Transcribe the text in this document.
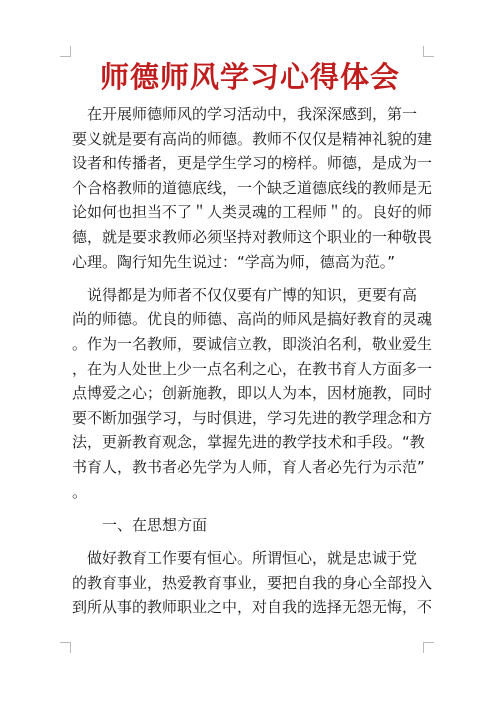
师德师风学习心得体会
　在开展师德师风的学习活动中，我深深感到，第一
要义就是要有高尚的师德。教师不仅仅是精神礼貌的建
设者和传播者，更是学生学习的榜样。师德，是成为一
个合格教师的道德底线，一个缺乏道德底线的教师是无
论如何也担当不了＂人类灵魂的工程师＂的。良好的师
德，就是要求教师必须坚持对教师这个职业的一种敬畏
心理。陶行知先生说过：“学高为师，德高为范。”
　说得都是为师者不仅仅要有广博的知识，更要有高
尚的师德。优良的师德、高尚的师风是搞好教育的灵魂
。作为一名教师，要诚信立教，即淡泊名利，敬业爱生
，在为人处世上少一点名利之心，在教书育人方面多一
点博爱之心；创新施教，即以人为本，因材施教，同时
要不断加强学习，与时俱进，学习先进的教学理念和方
法，更新教育观念，掌握先进的教学技术和手段。“教
书育人，教书者必先学为人师，育人者必先行为示范”
。
　　一、在思想方面
　做好教育工作要有恒心。所谓恒心，就是忠诚于党
的教育事业，热爱教育事业，要把自我的身心全部投入
到所从事的教师职业之中，对自我的选择无怨无悔，不
